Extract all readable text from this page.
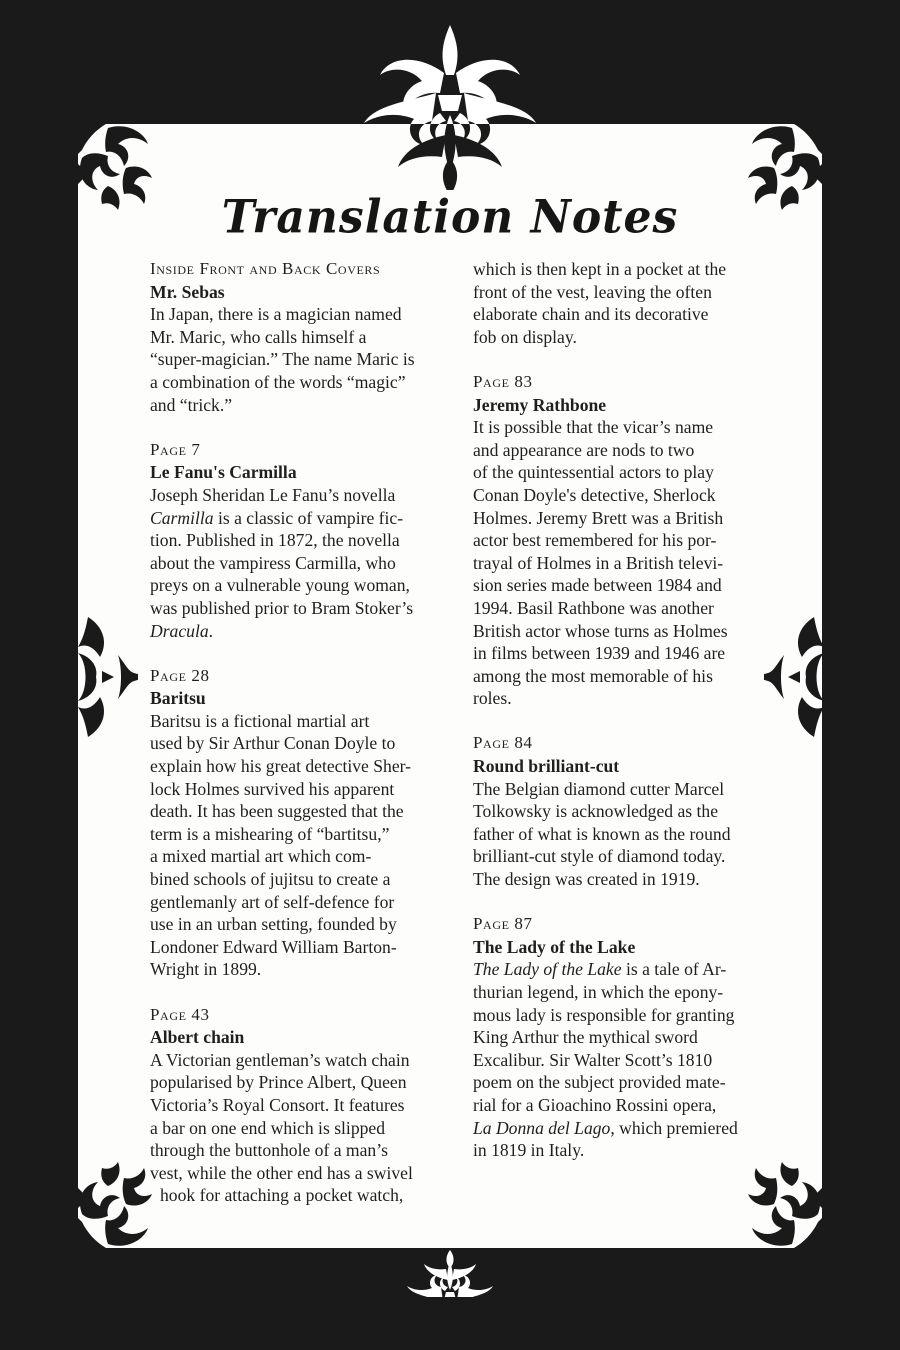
Translation Notes
Inside Front and Back Covers
Mr. Sebas
In Japan, there is a magician named
Mr. Maric, who calls himself a
“super-magician.” The name Maric is
a combination of the words “magic”
and “trick.”
Page 7
Le Fanu's Carmilla
Joseph Sheridan Le Fanu’s novella
Carmilla is a classic of vampire fic-
tion. Published in 1872, the novella
about the vampiress Carmilla, who
preys on a vulnerable young woman,
was published prior to Bram Stoker’s
Dracula.
Page 28
Baritsu
Baritsu is a fictional martial art
used by Sir Arthur Conan Doyle to
explain how his great detective Sher-
lock Holmes survived his apparent
death. It has been suggested that the
term is a mishearing of “bartitsu,”
a mixed martial art which com-
bined schools of jujitsu to create a
gentlemanly art of self-defence for
use in an urban setting, founded by
Londoner Edward William Barton-
Wright in 1899.
Page 43
Albert chain
A Victorian gentleman’s watch chain
popularised by Prince Albert, Queen
Victoria’s Royal Consort. It features
a bar on one end which is slipped
through the buttonhole of a man’s
vest, while the other end has a swivel
hook for attaching a pocket watch,
which is then kept in a pocket at the
front of the vest, leaving the often
elaborate chain and its decorative
fob on display.
Page 83
Jeremy Rathbone
It is possible that the vicar’s name
and appearance are nods to two
of the quintessential actors to play
Conan Doyle's detective, Sherlock
Holmes. Jeremy Brett was a British
actor best remembered for his por-
trayal of Holmes in a British televi-
sion series made between 1984 and
1994. Basil Rathbone was another
British actor whose turns as Holmes
in films between 1939 and 1946 are
among the most memorable of his
roles.
Page 84
Round brilliant-cut
The Belgian diamond cutter Marcel
Tolkowsky is acknowledged as the
father of what is known as the round
brilliant-cut style of diamond today.
The design was created in 1919.
Page 87
The Lady of the Lake
The Lady of the Lake is a tale of Ar-
thurian legend, in which the epony-
mous lady is responsible for granting
King Arthur the mythical sword
Excalibur. Sir Walter Scott’s 1810
poem on the subject provided mate-
rial for a Gioachino Rossini opera,
La Donna del Lago, which premiered
in 1819 in Italy.
